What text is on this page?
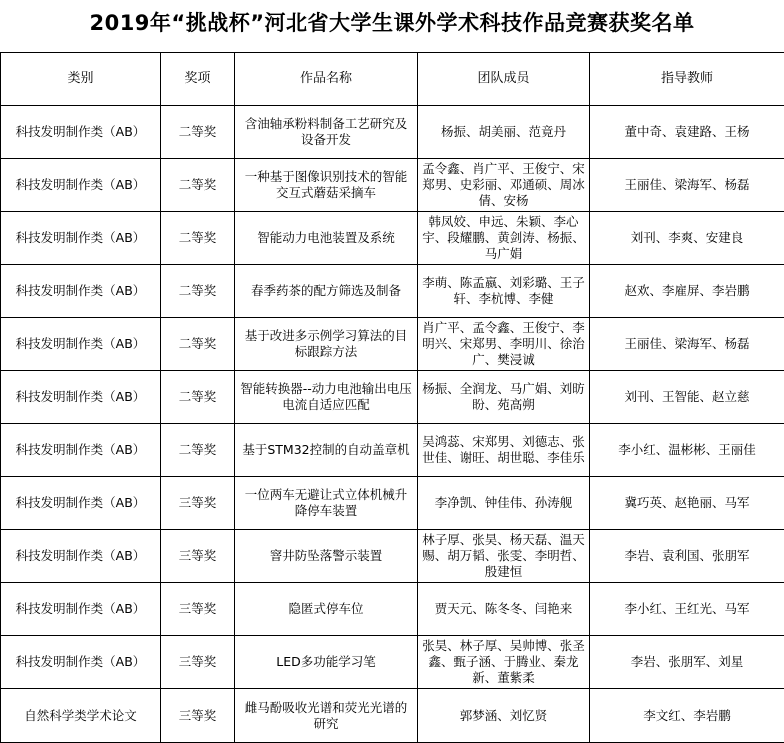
2019年“挑战杯”河北省大学生课外学术科技作品竞赛获奖名单
类别	奖项	作品名称	团队成员	指导教师
科技发明制作类（AB）	二等奖	含油轴承粉料制备工艺研究及设备开发	杨振、胡美丽、范竟丹	董中奇、袁建路、王杨
科技发明制作类（AB）	二等奖	一种基于图像识别技术的智能交互式蘑菇采摘车	孟令鑫、肖广平、王俊宁、宋郑男、史彩丽、邓通硕、周冰倩、安杨	王丽佳、梁海军、杨磊
科技发明制作类（AB）	二等奖	智能动力电池装置及系统	韩凤姣、申远、朱颖、李心宇、段耀鹏、黄剑涛、杨振、马广娟	刘刊、李爽、安建良
科技发明制作类（AB）	二等奖	春季药茶的配方筛选及制备	李萌、陈孟嬴、刘彩璐、王子轩、李杭博、李健	赵欢、李雇屏、李岩鹏
科技发明制作类（AB）	二等奖	基于改进多示例学习算法的目标跟踪方法	肖广平、孟令鑫、王俊宁、李明兴、宋郑男、李明川、徐治广、樊浸诚	王丽佳、梁海军、杨磊
科技发明制作类（AB）	二等奖	智能转换器--动力电池输出电压电流自适应匹配	杨振、全润龙、马广娟、刘昉盼、苑高朔	刘刊、王智能、赵立慈
科技发明制作类（AB）	二等奖	基于STM32控制的自动盖章机	吴鸿蕊、宋郑男、刘德志、张世佳、谢旺、胡世聪、李佳乐	李小红、温彬彬、王丽佳
科技发明制作类（AB）	三等奖	一位两车无避让式立体机械升降停车装置	李净凯、钟佳伟、孙涛舰	冀巧英、赵艳丽、马军
科技发明制作类（AB）	三等奖	窨井防坠落警示装置	林子厚、张昊、杨天磊、温天赐、胡万韬、张雯、李明哲、殷建恒	李岩、袁利国、张朋军
科技发明制作类（AB）	三等奖	隐匿式停车位	贾天元、陈冬冬、闫艳来	李小红、王红光、马军
科技发明制作类（AB）	三等奖	LED多功能学习笔	张昊、林子厚、吴帅博、张圣鑫、甄子涵、于腾业、秦龙新、董紫柔	李岩、张朋军、刘星
自然科学类学术论文	三等奖	雌马酚吸收光谱和荧光光谱的研究	郭梦涵、刘忆贤	李文红、李岩鹏
